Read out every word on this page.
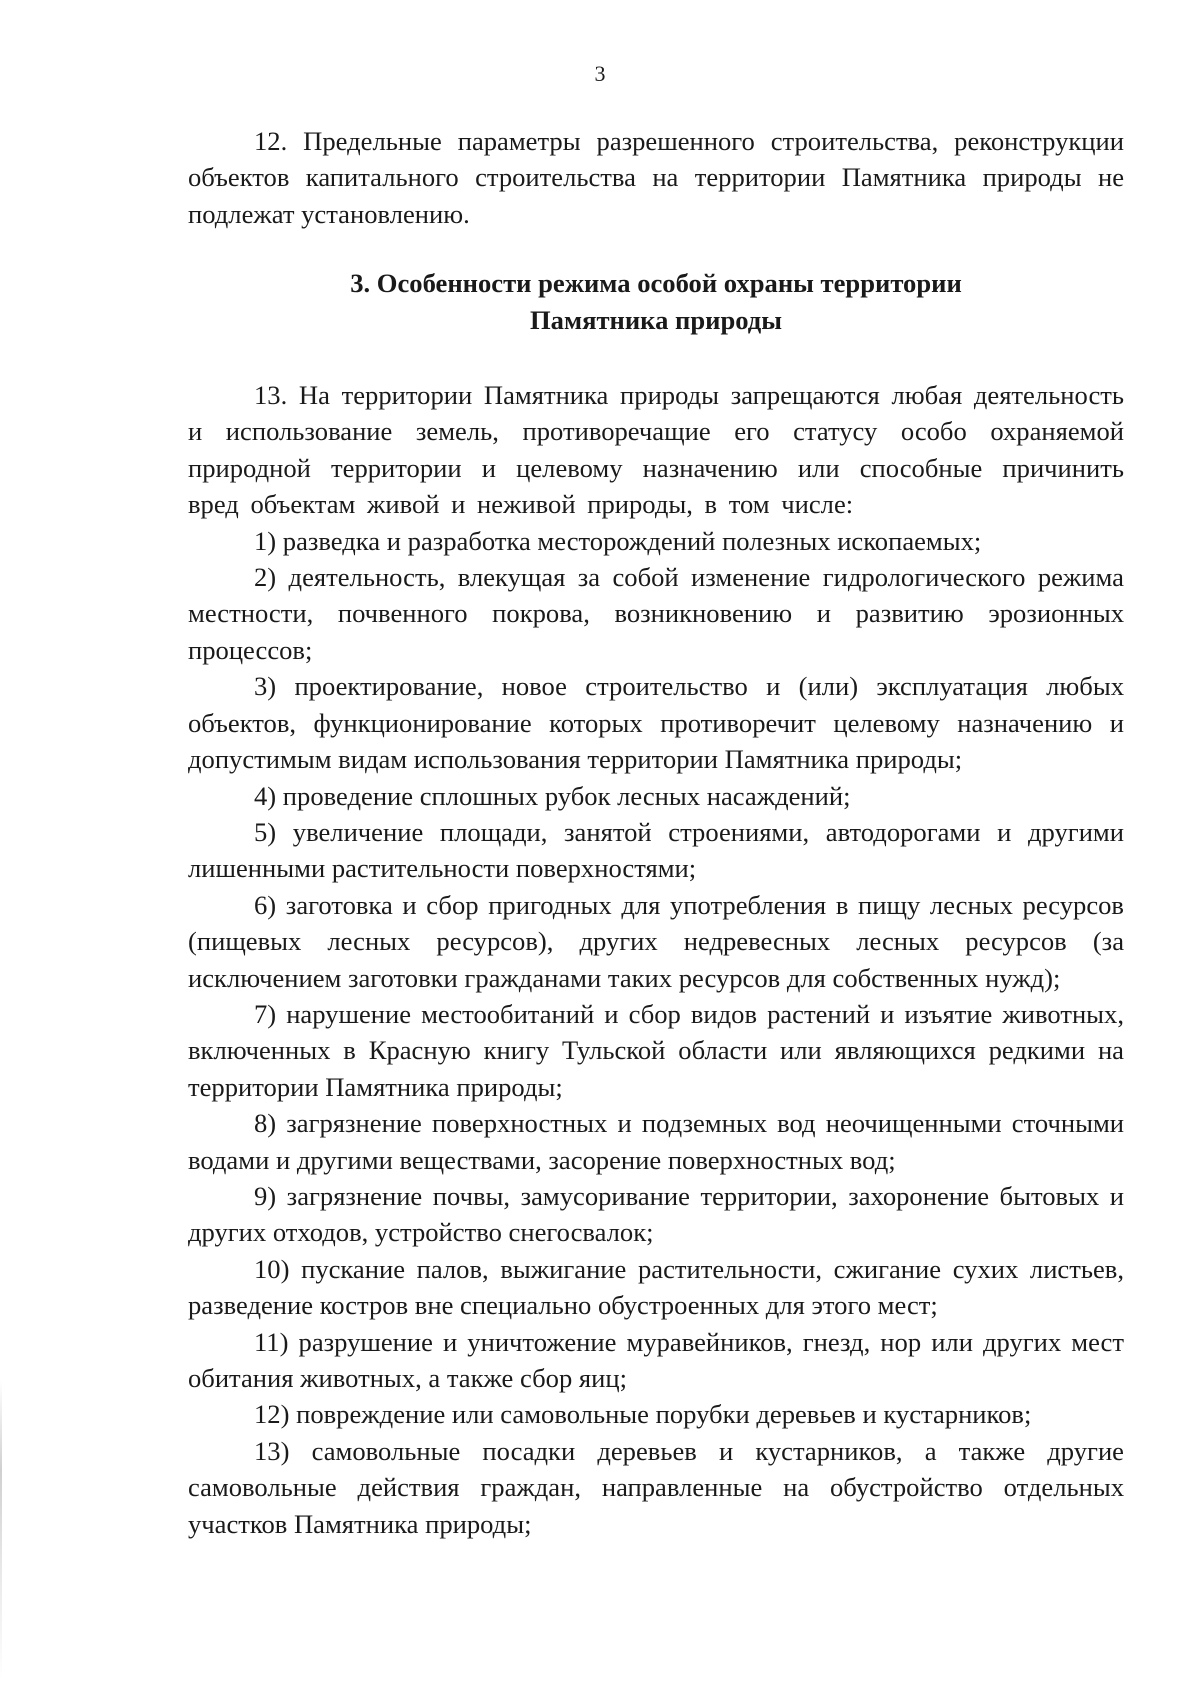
3

12. Предельные параметры разрешенного строительства, реконструкции объектов капитального строительства на территории Памятника природы не подлежат установлению.

3. Особенности режима особой охраны территории
Памятника природы

13. На территории Памятника природы запрещаются любая деятельность и использование земель, противоречащие его статусу особо охраняемой природной территории и целевому назначению или способные причинить вред объектам живой и неживой природы, в том числе:

1) разведка и разработка месторождений полезных ископаемых;

2) деятельность, влекущая за собой изменение гидрологического режима местности, почвенного покрова, возникновению и развитию эрозионных процессов;

3) проектирование, новое строительство и (или) эксплуатация любых объектов, функционирование которых противоречит целевому назначению и допустимым видам использования территории Памятника природы;

4) проведение сплошных рубок лесных насаждений;

5) увеличение площади, занятой строениями, автодорогами и другими лишенными растительности поверхностями;

6) заготовка и сбор пригодных для употребления в пищу лесных ресурсов (пищевых лесных ресурсов), других недревесных лесных ресурсов (за исключением заготовки гражданами таких ресурсов для собственных нужд);

7) нарушение местообитаний и сбор видов растений и изъятие животных, включенных в Красную книгу Тульской области или являющихся редкими на территории Памятника природы;

8) загрязнение поверхностных и подземных вод неочищенными сточными водами и другими веществами, засорение поверхностных вод;

9) загрязнение почвы, замусоривание территории, захоронение бытовых и других отходов, устройство снегосвалок;

10) пускание палов, выжигание растительности, сжигание сухих листьев, разведение костров вне специально обустроенных для этого мест;

11) разрушение и уничтожение муравейников, гнезд, нор или других мест обитания животных, а также сбор яиц;

12) повреждение или самовольные порубки деревьев и кустарников;

13) самовольные посадки деревьев и кустарников, а также другие самовольные действия граждан, направленные на обустройство отдельных участков Памятника природы;
